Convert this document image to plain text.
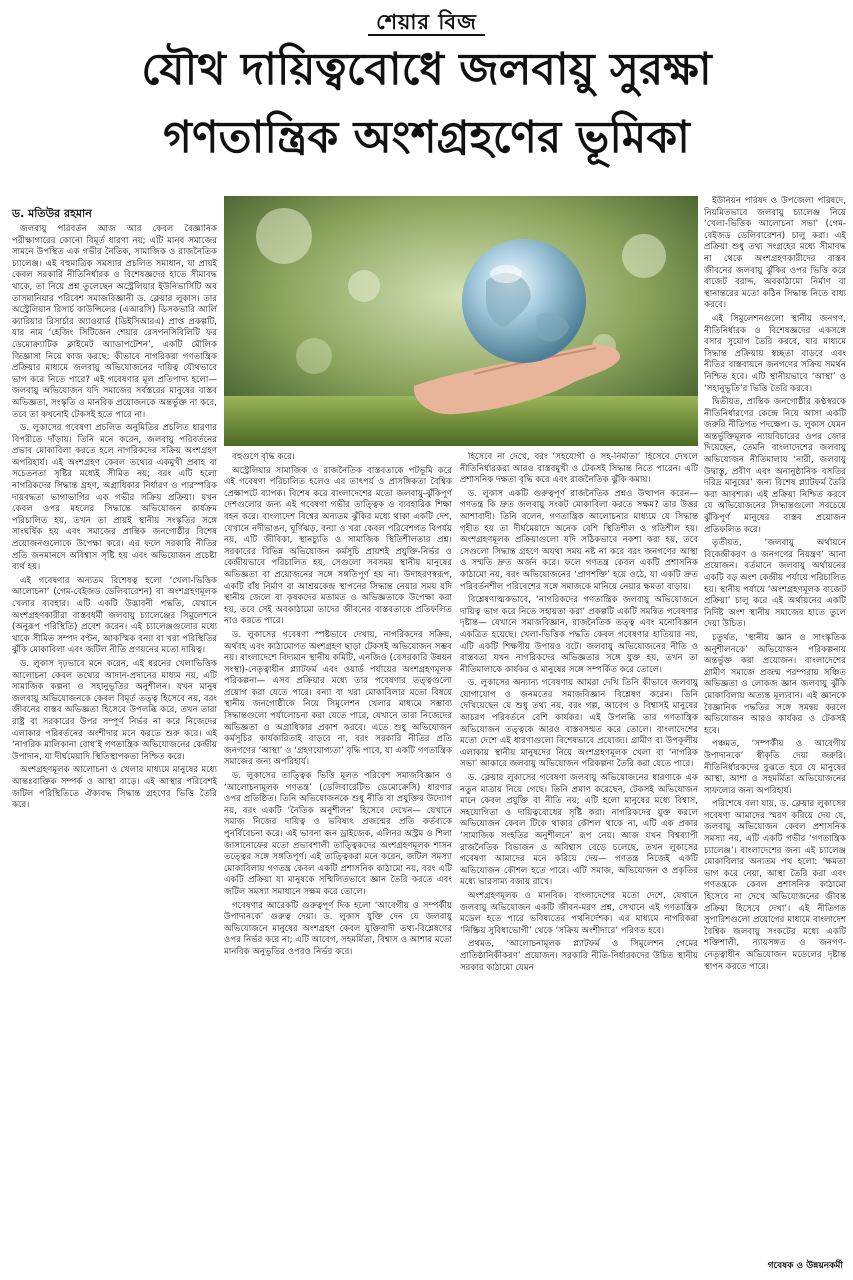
শেয়ার বিজ
যৌথ দায়িত্ববোধে জলবায়ু সুরক্ষা
গণতান্ত্রিক অংশগ্রহণের ভূমিকা
ড. মতিউর রহমান

জলবায়ু পরিবর্তন আজ আর কেবল বৈজ্ঞানিক পরীক্ষাগারের কোনো বিমূর্ত ধারণা নয়; এটি মানব সমাজের সামনে উপস্থিত এক গভীর নৈতিক, সামাজিক ও রাজনৈতিক চ্যালেঞ্জ। এই বহুমাত্রিক সমস্যার প্রচলিত সমাধান, যা প্রায়ই কেবল সরকারি নীতিনির্ধারক ও বিশেষজ্ঞদের হাতে সীমাবদ্ধ থাকে, তা নিয়ে প্রশ্ন তুলেছেন অস্ট্রেলিয়ার ইউনিভার্সিটি অব তাসমানিয়ার পরিবেশ সমাজবিজ্ঞানী ড. ক্লেয়ার লুকাস। তার অস্ট্রেলিয়ান রিসার্চ কাউন্সিলের (এআরসি) ডিসকভারি আর্লি ক্যারিয়ার রিসার্চার অ্যাওয়ার্ড (ডিইসিআরএ) প্রাপ্ত প্রকল্পটি, যার নাম ‘হেজিং সিটিজেন শেয়ার রেসপনসিবিলিটি ফর ডেমোক্র্যাটিক ক্লাইমেট অ্যাডাপটেশন’, একটি মৌলিক জিজ্ঞাসা নিয়ে কাজ করছে: কীভাবে নাগরিকরা গণতান্ত্রিক প্রক্রিয়ার মাধ্যমে জলবায়ু অভিযোজনের দায়িত্ব যৌথভাবে ভাগ করে নিতে পারে? এই গবেষণার মূল প্রতিপাদ্য হলো— জলবায়ু অভিযোজন যদি সমাজের সর্বস্তরের মানুষের বাস্তব অভিজ্ঞতা, সংস্কৃতি ও মানবিক প্রয়োজনকে অন্তর্ভুক্ত না করে, তবে তা কখনোই টেকসই হতে পারে না।

ড. লুকাসের গবেষণা প্রচলিত অনুমিতির প্রচলিত ধারণার বিপরীতে দাঁড়ায়। তিনি মনে করেন, জলবায়ু পরিবর্তনের প্রভাব মোকাবিলা করতে হলে নাগরিকদের সক্রিয় অংশগ্রহণ অপরিহার্য। এই অংশগ্রহণ কেবল তথ্যের একমুখী প্রবাহ বা সচেতনতা সৃষ্টির মধ্যেই সীমিত নয়; বরং এটি হলো নাগরিকদের সিদ্ধান্ত গ্রহণ, অগ্রাধিকার নির্ধারণ ও পারস্পরিক দায়বদ্ধতা ভাগাভাগির এক গভীর সক্রিয় প্রক্রিয়া। যখন কেবল ওপর মহলের সিদ্ধান্তে অভিযোজন কার্যক্রম পরিচালিত হয়, তখন তা প্রায়ই স্থানীয় সংস্কৃতির সঙ্গে সাংঘর্ষিক হয় এবং সমাজের প্রান্তিক জনগোষ্ঠীর বিশেষ প্রয়োজনগুলোকে উপেক্ষা করে। এর ফলে সরকারি নীতির প্রতি জনমানসে অবিশ্বাস সৃষ্টি হয় এবং অভিযোজন প্রচেষ্টা ব্যর্থ হয়।

এই গবেষণার অন্যতম বিশেষত্ব হলো ‘খেলা-ভিত্তিক আলোচনা’ (গেম-বেইজড ডেলিবারেশন) বা অংশগ্রহণমূলক খেলার ব্যবহার। এটি একটি উদ্ভাবনী পদ্ধতি, যেখানে অংশগ্রহণকারীরা বাস্তবধর্মী জলবায়ু চ্যালেঞ্জের সিমুলেশনে (অনুরূপ পরিস্থিতি) প্রবেশ করেন। এই চ্যালেঞ্জগুলোর মধ্যে থাকে সীমিত সম্পদ বণ্টন, আকস্মিক বন্যা বা খরা পরিস্থিতির ঝুঁকি মোকাবিলা এবং জটিল নীতি প্রণয়নের মতো দায়িত্ব।

ড. লুকাস দৃঢ়ভাবে মনে করেন, এই ধরনের খেলাভিত্তিক আলোচনা কেবল তথ্যের আদান-প্রদানের মাধ্যম নয়, এটি সামাজিক কল্পনা ও সহানুভূতির অনুশীলন। যখন মানুষ জলবায়ু অভিযোজনকে কেবল বিমূর্ত তত্ত্ব হিসেবে নয়, বরং জীবনের বাস্তব অভিজ্ঞতা হিসেবে উপলব্ধি করে, তখন তারা রাষ্ট্র বা সরকারের উপর সম্পূর্ণ নির্ভর না করে নিজেদের এলাকার পরিবর্তনের অংশীদার মনে করতে শুরু করে। এই ‘নাগরিক মালিকানা বোধ’ই গণতান্ত্রিক অভিযোজনের কেন্দ্রীয় উপাদান, যা দীর্ঘমেয়াদি স্থিতিস্থাপকতা নিশ্চিত করে।

অংশগ্রহণমূলক আলোচনা ও খেলার মাধ্যমে মানুষের মধ্যে আন্তঃব্যক্তিক সম্পর্ক ও আস্থা বাড়ে। এই আস্থার পরিবেশই জটিল পরিস্থিতিতে ঐক্যবদ্ধ সিদ্ধান্ত গ্রহণের ভিত্তি তৈরি করে।

বহুগুণে বৃদ্ধি করে।

অস্ট্রেলিয়ার সামাজিক ও রাজনৈতিক বাস্তবতাকে পটভূমি করে এই গবেষণা পরিচালিত হলেও এর তাৎপর্য ও প্রাসঙ্গিকতা বৈশ্বিক প্রেক্ষাপটে ব্যাপক। বিশেষ করে বাংলাদেশের মতো জলবায়ু-ঝুঁকিপূর্ণ দেশগুলোর জন্য এই গবেষণা গভীর তাত্ত্বিক ও ব্যবহারিক শিক্ষা বহন করে। বাংলাদেশ বিশ্বের অন্যতম ঝুঁকির মধ্যে থাকা একটি দেশ, যেখানে নদীভাঙন, ঘূর্ণিঝড়, বন্যা ও খরা কেবল পরিবেশগত বিপর্যয় নয়, এটি জীবিকা, স্থানচ্যুতি ও সামাজিক স্থিতিশীলতার প্রশ্ন। সরকারের বিভিন্ন অভিযোজন কর্মসূচি প্রায়শই প্রযুক্তি-নির্ভর ও কেন্দ্রীয়ভাবে পরিচালিত হয়, সেগুলো সবসময় স্থানীয় মানুষের অভিজ্ঞতা বা প্রয়োজনের সঙ্গে সঙ্গতিপূর্ণ হয় না। উদাহরণস্বরূপ, একটি বাঁধ নির্মাণ বা আশ্রয়কেন্দ্র স্থাপনের সিদ্ধান্ত নেয়ার সময় যদি স্থানীয় জেলে বা কৃষকদের মতামত ও অভিজ্ঞতাকে উপেক্ষা করা হয়, তবে সেই অবকাঠামো তাদের জীবনের বাস্তবতাকে প্রতিফলিত নাও করতে পারে।

ড. লুকাসের গবেষণা স্পষ্টভাবে দেখায়, নাগরিকদের সক্রিয়, অর্থবহ এবং কাঠামোগত অংশগ্রহণ ছাড়া টেকসই অভিযোজন সম্ভব নয়। বাংলাদেশে বিদ্যমান স্থানীয় কমিটি, এনজিও (বেসরকারি উন্নয়ন সংস্থা)-নেতৃত্বাধীন প্ল্যাটফর্ম এবং ওয়ার্ড পর্যায়ের অংশগ্রহণমূলক পরিকল্পনা— এসব প্রক্রিয়ার মধ্যে তার গবেষণার তত্ত্বগুলো প্রয়োগ করা যেতে পারে। বন্যা বা খরা মোকাবিলার মতো বিষয়ে স্থানীয় জনগোষ্ঠীকে নিয়ে সিমুলেশন খেলার মাধ্যমে সম্ভাব্য সিদ্ধান্তগুলো পর্যালোচনা করা যেতে পারে, যেখানে তারা নিজেদের অভিজ্ঞতা ও অগ্রাধিকার প্রকাশ করবে। এতে শুধু অভিযোজন কর্মসূচির কার্যকারিতাই বাড়বে না, বরং সরকারি নীতির প্রতি জনগণের ‘আস্থা’ ও ‘গ্রহণযোগ্যতা’ বৃদ্ধি পাবে, যা একটি গণতান্ত্রিক সমাজের জন্য অপরিহার্য।

ড. লুকাসের তাত্ত্বিক ভিত্তি মূলত পরিবেশ সমাজবিজ্ঞান ও ‘আলোচনামূলক গণতন্ত্র’ (ডেলিবারেটিভ ডেমোক্রেসি) ধারণার ওপর প্রতিষ্ঠিত। তিনি অভিযোজনকে শুধু নীতি বা প্রযুক্তির উদ্যোগ নয়, বরং একটি ‘নৈতিক অনুশীলন’ হিসেবে দেখেন— যেখানে সমাজ নিজের দায়িত্ব ও ভবিষ্যৎ প্রজন্মের প্রতি কর্তব্যকে পুনর্বিবেচনা করে। এই ভাবনা জন ড্রাইজেক, এলিনর অস্ট্রম ও শিলা জাসানোফের মতো প্রভাবশালী তাত্ত্বিকদের অংশগ্রহণমূলক শাসন তত্ত্বের সঙ্গে সঙ্গতিপূর্ণ। এই তাত্ত্বিকরা মনে করেন, জটিল সমস্যা মোকাবিলায় গণতন্ত্র কেবল একটি প্রশাসনিক কাঠামো নয়, বরং এটি একটি প্রক্রিয়া যা মানুষকে সম্মিলিতভাবে জ্ঞান তৈরি করতে এবং জটিল সমস্যা সমাধানে সক্ষম করে তোলে।

গবেষণার আরেকটি গুরুত্বপূর্ণ দিক হলো ‘আবেগীয় ও সম্পর্কীয় উপাদানকে’ গুরুত্ব দেয়া। ড. লুকাস যুক্তি দেন যে জলবায়ু অভিযোজনে মানুষের অংশগ্রহণ কেবল যুক্তিবাদী তথ্য-বিশ্লেষণের ওপর নির্ভর করে না; এটি আবেগ, সহমর্মিতা, বিশ্বাস ও আশার মতো মানবিক অনুভূতির ওপরও নির্ভর করে।

হিসেবে না দেখে, বরং ‘সহযোগী ও সহ-নির্মাতা’ হিসেবে দেখলে নীতিনির্ধারকরা আরও বাস্তবমুখী ও টেকসই সিদ্ধান্ত নিতে পারেন। এটি প্রশাসনিক দক্ষতা বৃদ্ধি করে এবং রাজনৈতিক ঝুঁকি কমায়।

ড. লুকাস একটি গুরুত্বপূর্ণ রাজনৈতিক প্রশ্নও উত্থাপন করেন— গণতন্ত্র কি দ্রুত জলবায়ু সংকট মোকাবিলা করতে সক্ষম? তার উত্তর আশাবাদী। তিনি বলেন, গণতান্ত্রিক আলোচনার মাধ্যমে যে সিদ্ধান্ত গৃহীত হয় তা দীর্ঘমেয়াদে অনেক বেশি স্থিতিশীল ও গতিশীল হয়। অংশগ্রহণমূলক প্রক্রিয়াগুলো যদি সঠিকভাবে নকশা করা হয়, তবে সেগুলো সিদ্ধান্ত গ্রহণে অযথা সময় নষ্ট না করে বরং জনগণের আস্থা ও সম্মতি দ্রুত অর্জন করে। ফলে গণতন্ত্র কেবল একটি প্রশাসনিক কাঠামো নয়, বরং অভিযোজনের ‘প্রাণশক্তি’ হয়ে ওঠে, যা একটি দ্রুত পরিবর্তনশীল পরিবেশের সঙ্গে সমাজকে মানিয়ে নেয়ার ক্ষমতা বাড়ায়।

বিশ্লেষণাত্মকভাবে, ‘নাগরিকদের গণতান্ত্রিক জলবায়ু অভিযোজনে দায়িত্ব ভাগ করে নিতে সহায়তা করা’ প্রকল্পটি একটি সমন্বিত গবেষণার দৃষ্টান্ত— যেখানে সমাজবিজ্ঞান, রাজনৈতিক তত্ত্ব এবং মনোবিজ্ঞান একত্রিত হয়েছে। খেলা-ভিত্তিক পদ্ধতি কেবল গবেষণার হাতিয়ার নয়, এটি একটি শিক্ষণীয় উপায়ও বটে। জলবায়ু অভিযোজনের নীতি ও বাস্তবতা যখন নাগরিকদের অভিজ্ঞতার সঙ্গে যুক্ত হয়, তখন তা নীতিমালাকে কার্যকর ও মানুষের সঙ্গে সম্পর্কিত করে তোলে।

ড. লুকাসের অন্যান্য গবেষণায় আমরা দেখি তিনি কীভাবে জলবায়ু যোগাযোগ ও জনমতের সমাজবিজ্ঞান বিশ্লেষণ করেন। তিনি দেখিয়েছেন যে শুধু তথ্য নয়, বরং গল্প, আবেগ ও বিশ্বাসই মানুষের আচরণ পরিবর্তনে বেশি কার্যকর। এই উপলব্ধি তার গণতান্ত্রিক অভিযোজন তত্ত্বকে আরও বাস্তবসম্মত করে তোলে। বাংলাদেশের মতো দেশে এই ধারণাগুলো বিশেষভাবে প্রযোজ্য। গ্রামীণ বা উপকূলীয় এলাকায় স্থানীয় মানুষদের নিয়ে অংশগ্রহণমূলক খেলা বা ‘নাগরিক সভা’ আকারে জলবায়ু অভিযোজন পরিকল্পনা তৈরি করা যেতে পারে।

ড. ক্লেয়ার লুকাসের গবেষণা জলবায়ু অভিযোজনের ধারণাকে এক নতুন মাত্রায় নিয়ে গেছে। তিনি প্রমাণ করেছেন, টেকসই অভিযোজন মানে কেবল প্রযুক্তি বা নীতি নয়; এটি হলো মানুষের মধ্যে বিশ্বাস, সহযোগিতা ও দায়িত্ববোধের সৃষ্টি করা। নাগরিকদের যুক্ত করলে অভিযোজন কেবল টিকে থাকার কৌশল থাকে না, এটি এক প্রকার ‘সামাজিক সংহতির অনুশীলনে’ রূপ নেয়। আজ যখন বিশ্বব্যাপী রাজনৈতিক বিভাজন ও অবিশ্বাস বেড়ে চলেছে, তখন লুকাসের গবেষণা আমাদের মনে করিয়ে দেয়— গণতন্ত্র নিজেই একটি অভিযোজন কৌশল হতে পারে। এটি সমাজ, অভিযোজন ও প্রকৃতির মধ্যে ভারসাম্য বজায় রাখে।

অংশগ্রহণমূলক ও মানবিক। বাংলাদেশের মতো দেশে, যেখানে জলবায়ু অভিযোজন একটি জীবন-মরণ প্রশ্ন, সেখানে এই গণতান্ত্রিক মডেল হতে পারে ভবিষ্যতের পথনির্দেশক। এর মাধ্যমে নাগরিকরা ‘নিষ্ক্রিয় সুবিধাভোগী’ থেকে ‘সক্রিয় অংশীদারে’ পরিণত হবে।

প্রথমত, ‘আলোচনামূলক প্ল্যাটফর্ম ও সিমুলেশন গেমের প্রাতিষ্ঠানিকীকরণ’ প্রয়োজন। সরকারি নীতি-নির্ধারকদের উচিত স্থানীয় সরকার কাঠামো যেমন

ইউনিয়ন পরিষদ ও উপজেলা পরিষদে, নিয়মিতভাবে জলবায়ু চ্যালেঞ্জ নিয়ে ‘খেলা-ভিত্তিক আলোচনা সভা’ (গেম-বেইজড ডেলিবারেশন) চালু করা। এই প্রক্রিয়া শুধু তথ্য সংগ্রহের মধ্যে সীমাবদ্ধ না থেকে অংশগ্রহণকারীদের বাস্তব জীবনের জলবায়ু ঝুঁকির ওপর ভিত্তি করে বাজেট বরাদ্দ, অবকাঠামো নির্মাণ বা স্থানান্তরের মতো কঠিন সিদ্ধান্ত নিতে বাধ্য করবে।

এই সিমুলেশনগুলো স্থানীয় জনগণ, নীতিনির্ধারক ও বিশেষজ্ঞদের একসঙ্গে বসার সুযোগ তৈরি করবে, যার মাধ্যমে সিদ্ধান্ত প্রক্রিয়ায় স্বচ্ছতা বাড়বে এবং নীতির বাস্তবায়নে জনগণের সক্রিয় সমর্থন নিশ্চিত হবে। এটি স্থানীয়ভাবে ‘আস্থা’ ও ‘সহানুভূতি’র ভিত্তি তৈরি করবে।

দ্বিতীয়ত, প্রান্তিক জনগোষ্ঠীর কণ্ঠস্বরকে নীতিনির্ধারণের কেন্দ্রে নিয়ে আসা একটি জরুরি নীতিগত পদক্ষেপ। ড. লুকাস যেমন অন্তর্ভুক্তিমূলক ন্যায়বিচারের ওপর জোর দিয়েছেন, তেমনি বাংলাদেশের জলবায়ু অভিযোজন নীতিমালায় ‘নারী, জলবায়ু উদ্বাস্তু, প্রবীণ এবং অনানুষ্ঠানিক বসতির দরিদ্র মানুষের’ জন্য বিশেষ প্ল্যাটফর্ম তৈরি করা আবশ্যক। এই প্রক্রিয়া নিশ্চিত করবে যে অভিযোজনের সিদ্ধান্তগুলো সবচেয়ে ঝুঁকিপূর্ণ মানুষের বাস্তব প্রয়োজন প্রতিফলিত করে।

তৃতীয়ত, ‘জলবায়ু অর্থায়নে বিকেন্দ্রীকরণ ও জনগণের নিয়ন্ত্রণ’ আনা প্রয়োজন। বর্তমানে জলবায়ু অর্থায়নের একটি বড় অংশ কেন্দ্রীয় পর্যায়ে পরিচালিত হয়। স্থানীয় পর্যায়ে ‘অংশগ্রহণমূলক বাজেট প্রক্রিয়া’ চালু করে এই অর্থায়নের একটি নির্দিষ্ট অংশ স্থানীয় সমাজের হাতে তুলে দেয়া উচিত।

চতুর্থত, ‘স্থানীয় জ্ঞান ও সাংস্কৃতিক অনুশীলনকে’ অভিযোজন পরিকল্পনায় অন্তর্ভুক্ত করা প্রয়োজন। বাংলাদেশের গ্রামীণ সমাজে প্রজন্ম পরম্পরায় সঞ্চিত অভিজ্ঞতা ও লোকজ জ্ঞান জলবায়ু ঝুঁকি মোকাবিলায় অত্যন্ত মূল্যবান। এই জ্ঞানকে বৈজ্ঞানিক পদ্ধতির সঙ্গে সমন্বয় করলে অভিযোজন আরও কার্যকর ও টেকসই হবে।

পঞ্চমত, ‘সম্পর্কীয় ও আবেগীয় উপাদানকে’ স্বীকৃতি দেয়া জরুরি। নীতিনির্ধারকদের বুঝতে হবে যে মানুষের আস্থা, আশা ও সহমর্মিতা অভিযোজনের সাফল্যের জন্য অপরিহার্য।

পরিশেষে বলা যায়, ড. ক্লেয়ার লুকাসের গবেষণা আমাদের স্মরণ করিয়ে দেয় যে, জলবায়ু অভিযোজন কেবল প্রশাসনিক সমস্যা নয়, এটি একটি গভীর ‘গণতান্ত্রিক চ্যালেঞ্জ’। বাংলাদেশের জন্য এই চ্যালেঞ্জ মোকাবিলার অন্যতম পথ হলো: ‘ক্ষমতা ভাগ করে নেয়া, আস্থা তৈরি করা এবং গণতন্ত্রকে কেবল প্রশাসনিক কাঠামো হিসেবে না দেখে অভিযোজনের জীবন্ত প্রক্রিয়া হিসেবে দেখা’। এই নীতিগত সুপারিশগুলো প্রয়োগের মাধ্যমে বাংলাদেশ বৈশ্বিক জলবায়ু সংকটের মধ্যে একটি শক্তিশালী, ন্যায়সঙ্গত ও জনগণ-নেতৃত্বাধীন অভিযোজন মডেলের দৃষ্টান্ত স্থাপন করতে পারে।

গবেষক ও উন্নয়নকর্মী
